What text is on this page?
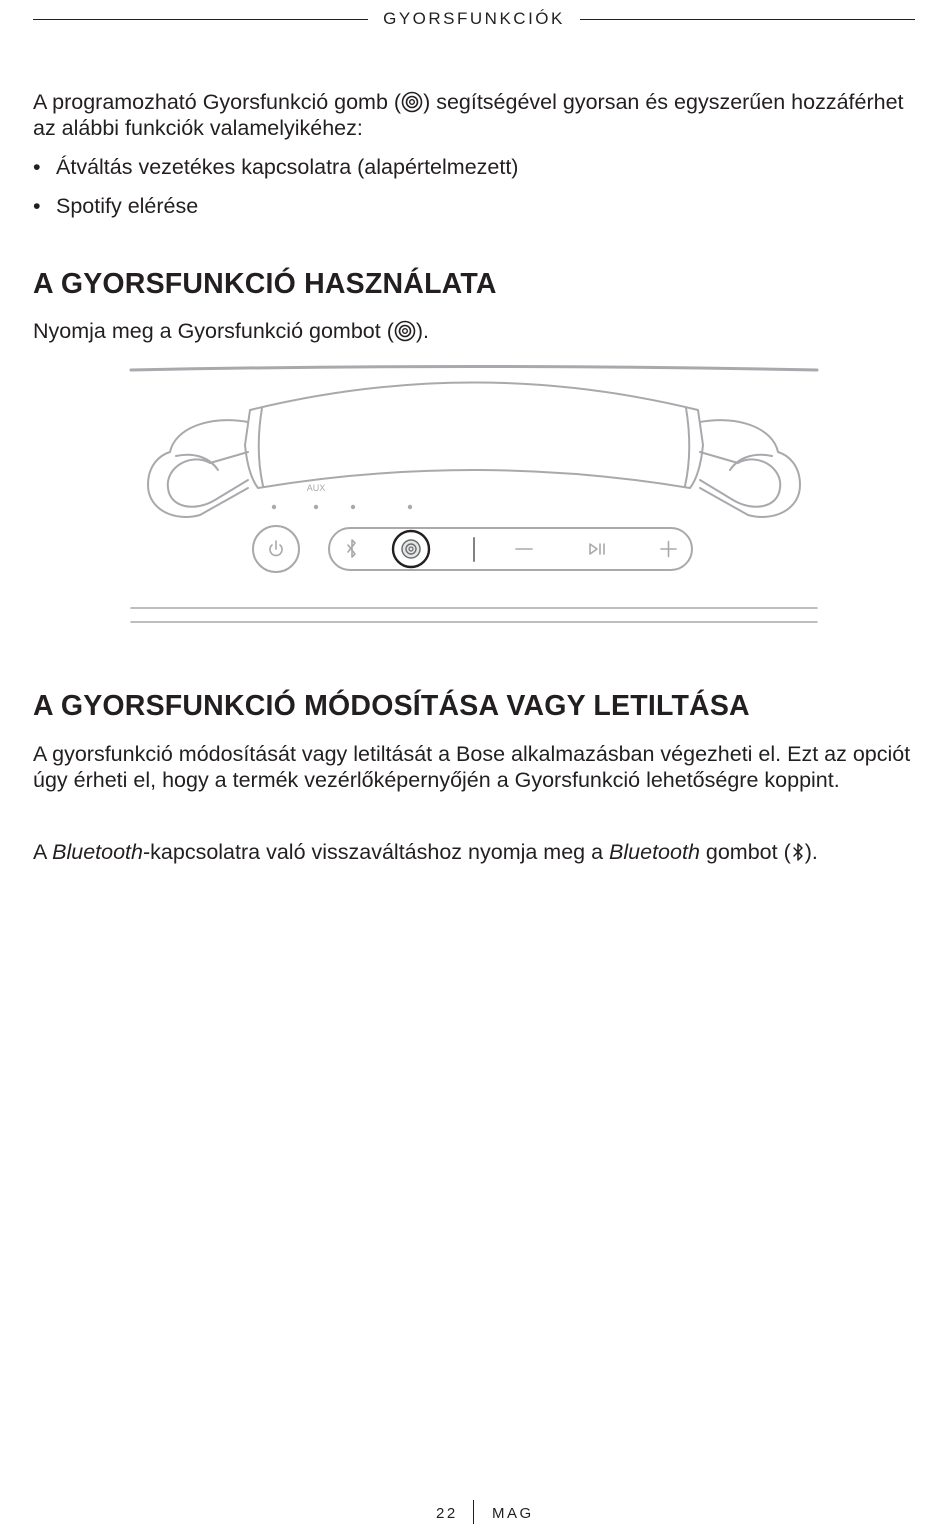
GYORSFUNKCIÓK

A programozható Gyorsfunkció gomb ( ) segítségével gyorsan és egyszerűen hozzáférhet az alábbi funkciók valamelyikéhez:

• Átváltás vezetékes kapcsolatra (alapértelmezett)
• Spotify elérése
A GYORSFUNKCIÓ HASZNÁLATA

Nyomja meg a Gyorsfunkció gombot ( ).

AUX
A GYORSFUNKCIÓ MÓDOSÍTÁSA VAGY LETILTÁSA

A gyorsfunkció módosítását vagy letiltását a Bose alkalmazásban végezheti el. Ezt az opciót úgy érheti el, hogy a termék vezérlőképernyőjén a Gyorsfunkció lehetőségre koppint.

A Bluetooth-kapcsolatra való visszaváltáshoz nyomja meg a Bluetooth gombot ( ).

22 MAG
